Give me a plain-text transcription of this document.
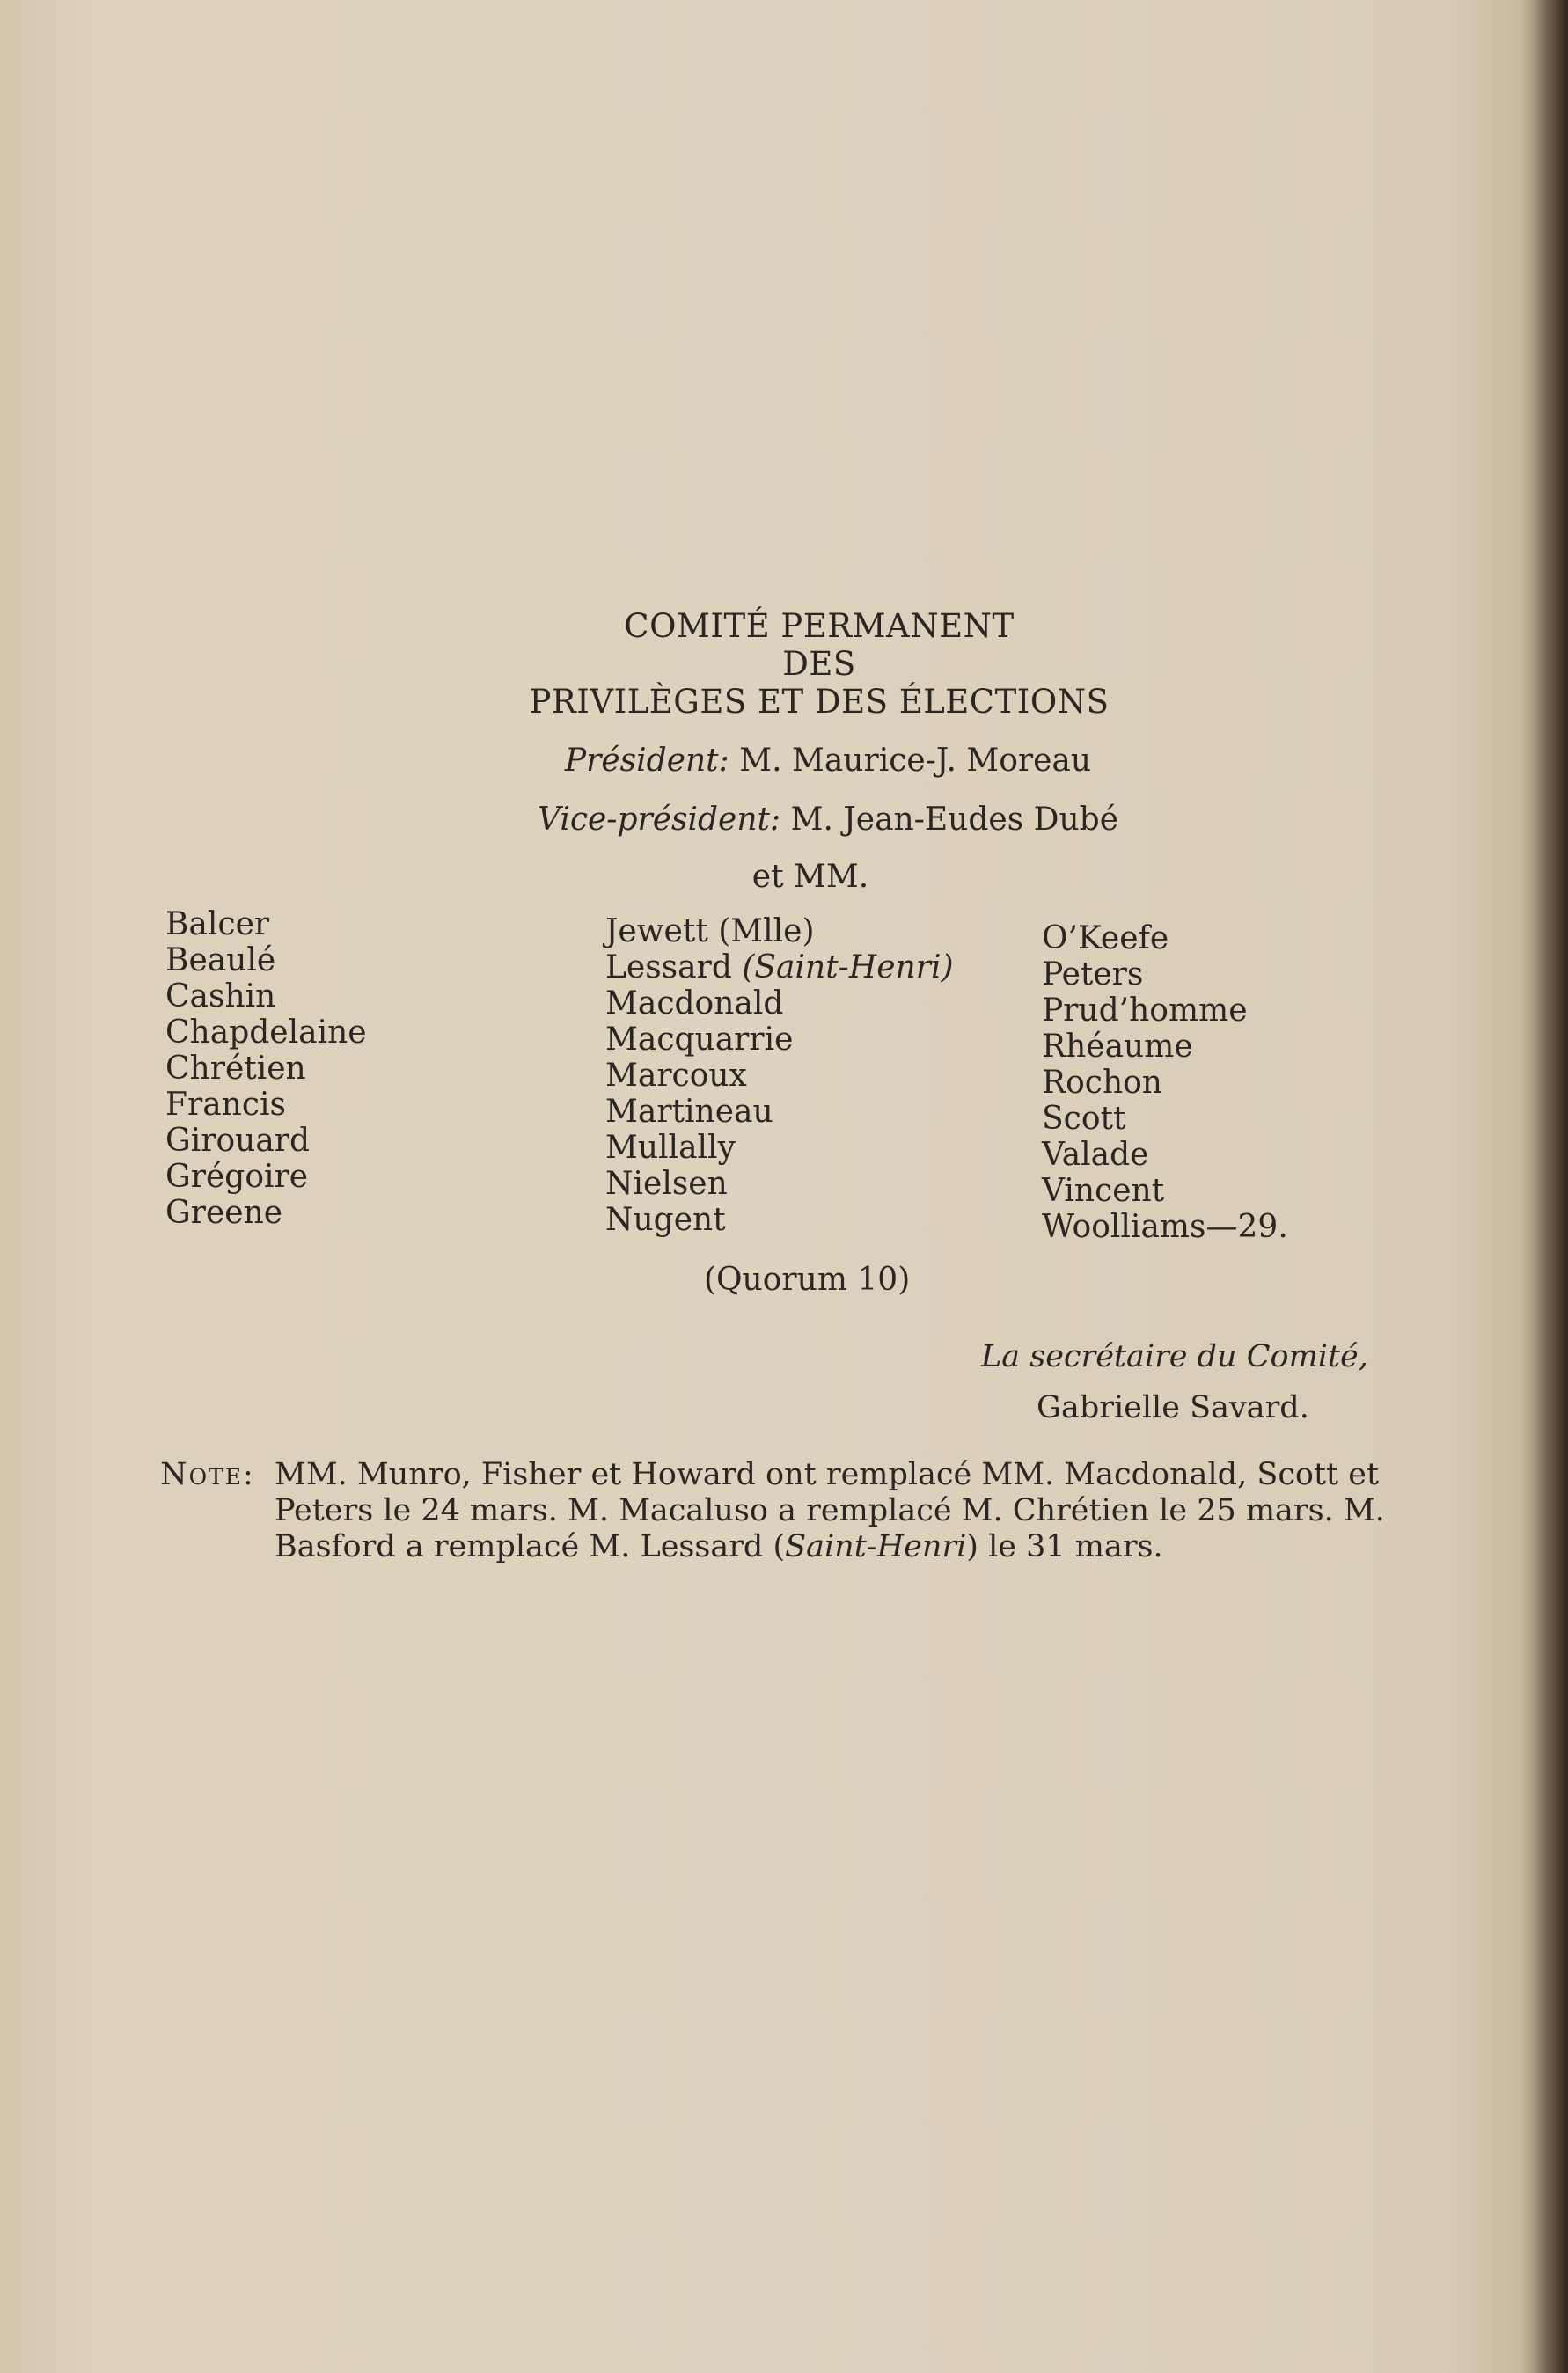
COMITÉ PERMANENT
DES
PRIVILÈGES ET DES ÉLECTIONS
Président: M. Maurice-J. Moreau
Vice-président: M. Jean-Eudes Dubé
et MM.
Balcer
Beaulé
Cashin
Chapdelaine
Chrétien
Francis
Girouard
Grégoire
Greene
Jewett (Mlle)
Lessard (Saint-Henri)
Macdonald
Macquarrie
Marcoux
Martineau
Mullally
Nielsen
Nugent
O’Keefe
Peters
Prud’homme
Rhéaume
Rochon
Scott
Valade
Vincent
Woolliams—29.
(Quorum 10)
La secrétaire du Comité,
Gabrielle Savard.
Note: MM. Munro, Fisher et Howard ont remplacé MM. Macdonald, Scott et
Peters le 24 mars. M. Macaluso a remplacé M. Chrétien le 25 mars. M.
Basford a remplacé M. Lessard (Saint-Henri) le 31 mars.
